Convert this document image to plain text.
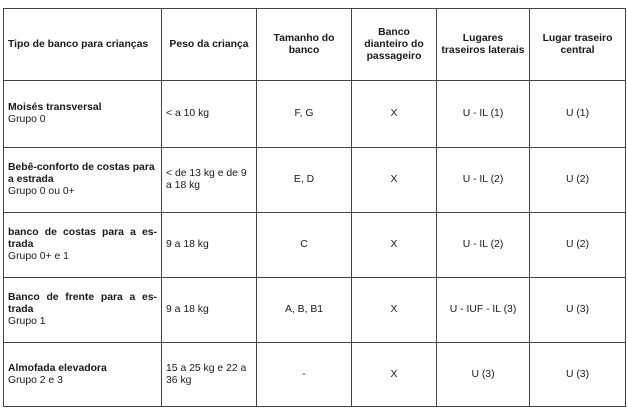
Tipo de banco para crianças	Peso da criança	Tamanho do banco	Banco dianteiro do passageiro	Lugares traseiros laterais	Lugar traseiro central

Moisés transversal
Grupo 0	< a 10 kg	F, G	X	U - IL (1)	U (1)

Bebê-conforto de costas para a estrada
Grupo 0 ou 0+	< de 13 kg e de 9 a 18 kg	E, D	X	U - IL (2)	U (2)

banco de costas para a es-trada
Grupo 0+ e 1	9 a 18 kg	C	X	U - IL (2)	U (2)

Banco de frente para a es-trada
Grupo 1	9 a 18 kg	A, B, B1	X	U - IUF - IL (3)	U (3)

Almofada elevadora
Grupo 2 e 3	15 a 25 kg e 22 a 36 kg	-	X	U (3)	U (3)
